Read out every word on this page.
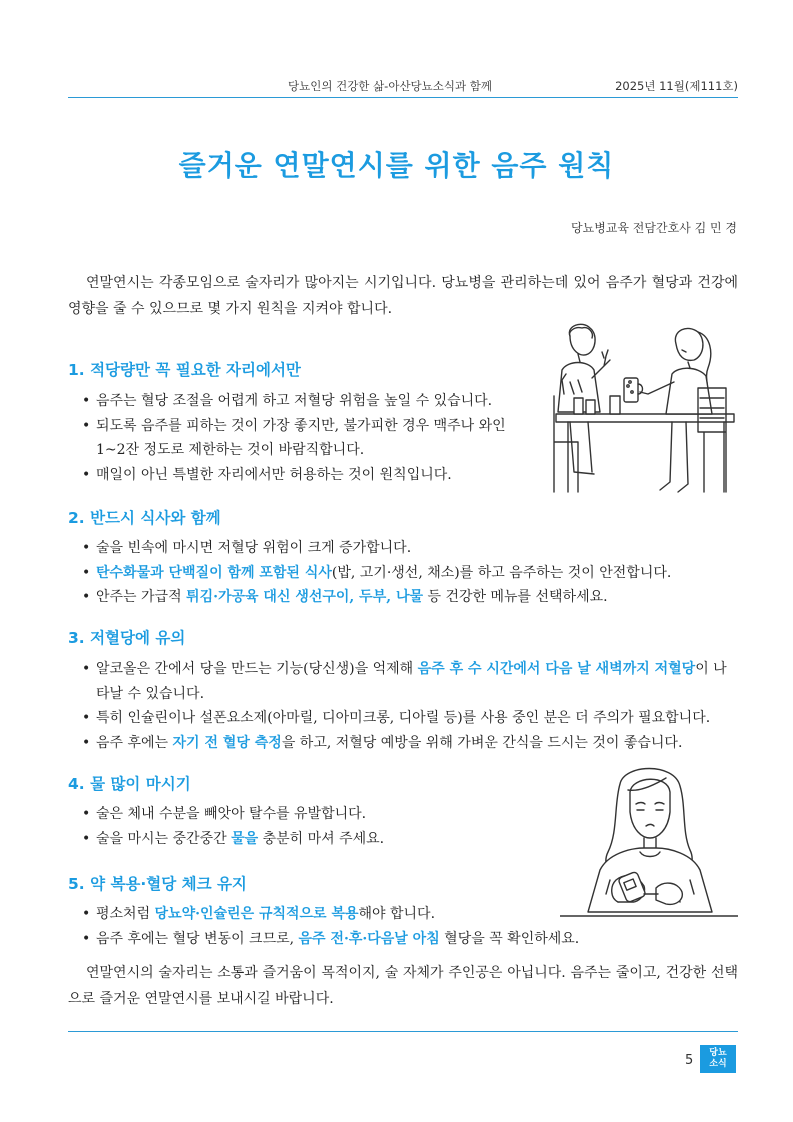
당뇨인의 건강한 삶-아산당뇨소식과 함께	2025년 11월(제111호)
즐거운 연말연시를 위한 음주 원칙
당뇨병교육 전담간호사 김 민 경
연말연시는 각종모임으로 술자리가 많아지는 시기입니다. 당뇨병을 관리하는데 있어 음주가 혈당과 건강에 영향을 줄 수 있으므로 몇 가지 원칙을 지켜야 합니다.
1. 적당량만 꼭 필요한 자리에서만
• 음주는 혈당 조절을 어렵게 하고 저혈당 위험을 높일 수 있습니다.
• 되도록 음주를 피하는 것이 가장 좋지만, 불가피한 경우 맥주나 와인 1~2잔 정도로 제한하는 것이 바람직합니다.
• 매일이 아닌 특별한 자리에서만 허용하는 것이 원칙입니다.
2. 반드시 식사와 함께
• 술을 빈속에 마시면 저혈당 위험이 크게 증가합니다.
• 탄수화물과 단백질이 함께 포함된 식사(밥, 고기·생선, 채소)를 하고 음주하는 것이 안전합니다.
• 안주는 가급적 튀김·가공육 대신 생선구이, 두부, 나물 등 건강한 메뉴를 선택하세요.
3. 저혈당에 유의
• 알코올은 간에서 당을 만드는 기능(당신생)을 억제해 음주 후 수 시간에서 다음 날 새벽까지 저혈당이 나타날 수 있습니다.
• 특히 인슐린이나 설폰요소제(아마릴, 디아미크롱, 디아릴 등)를 사용 중인 분은 더 주의가 필요합니다.
• 음주 후에는 자기 전 혈당 측정을 하고, 저혈당 예방을 위해 가벼운 간식을 드시는 것이 좋습니다.
4. 물 많이 마시기
• 술은 체내 수분을 빼앗아 탈수를 유발합니다.
• 술을 마시는 중간중간 물을 충분히 마셔 주세요.
5. 약 복용·혈당 체크 유지
• 평소처럼 당뇨약·인슐린은 규칙적으로 복용해야 합니다.
• 음주 후에는 혈당 변동이 크므로, 음주 전·후·다음날 아침 혈당을 꼭 확인하세요.
연말연시의 술자리는 소통과 즐거움이 목적이지, 술 자체가 주인공은 아닙니다. 음주는 줄이고, 건강한 선택으로 즐거운 연말연시를 보내시길 바랍니다.
5	당뇨
소식
